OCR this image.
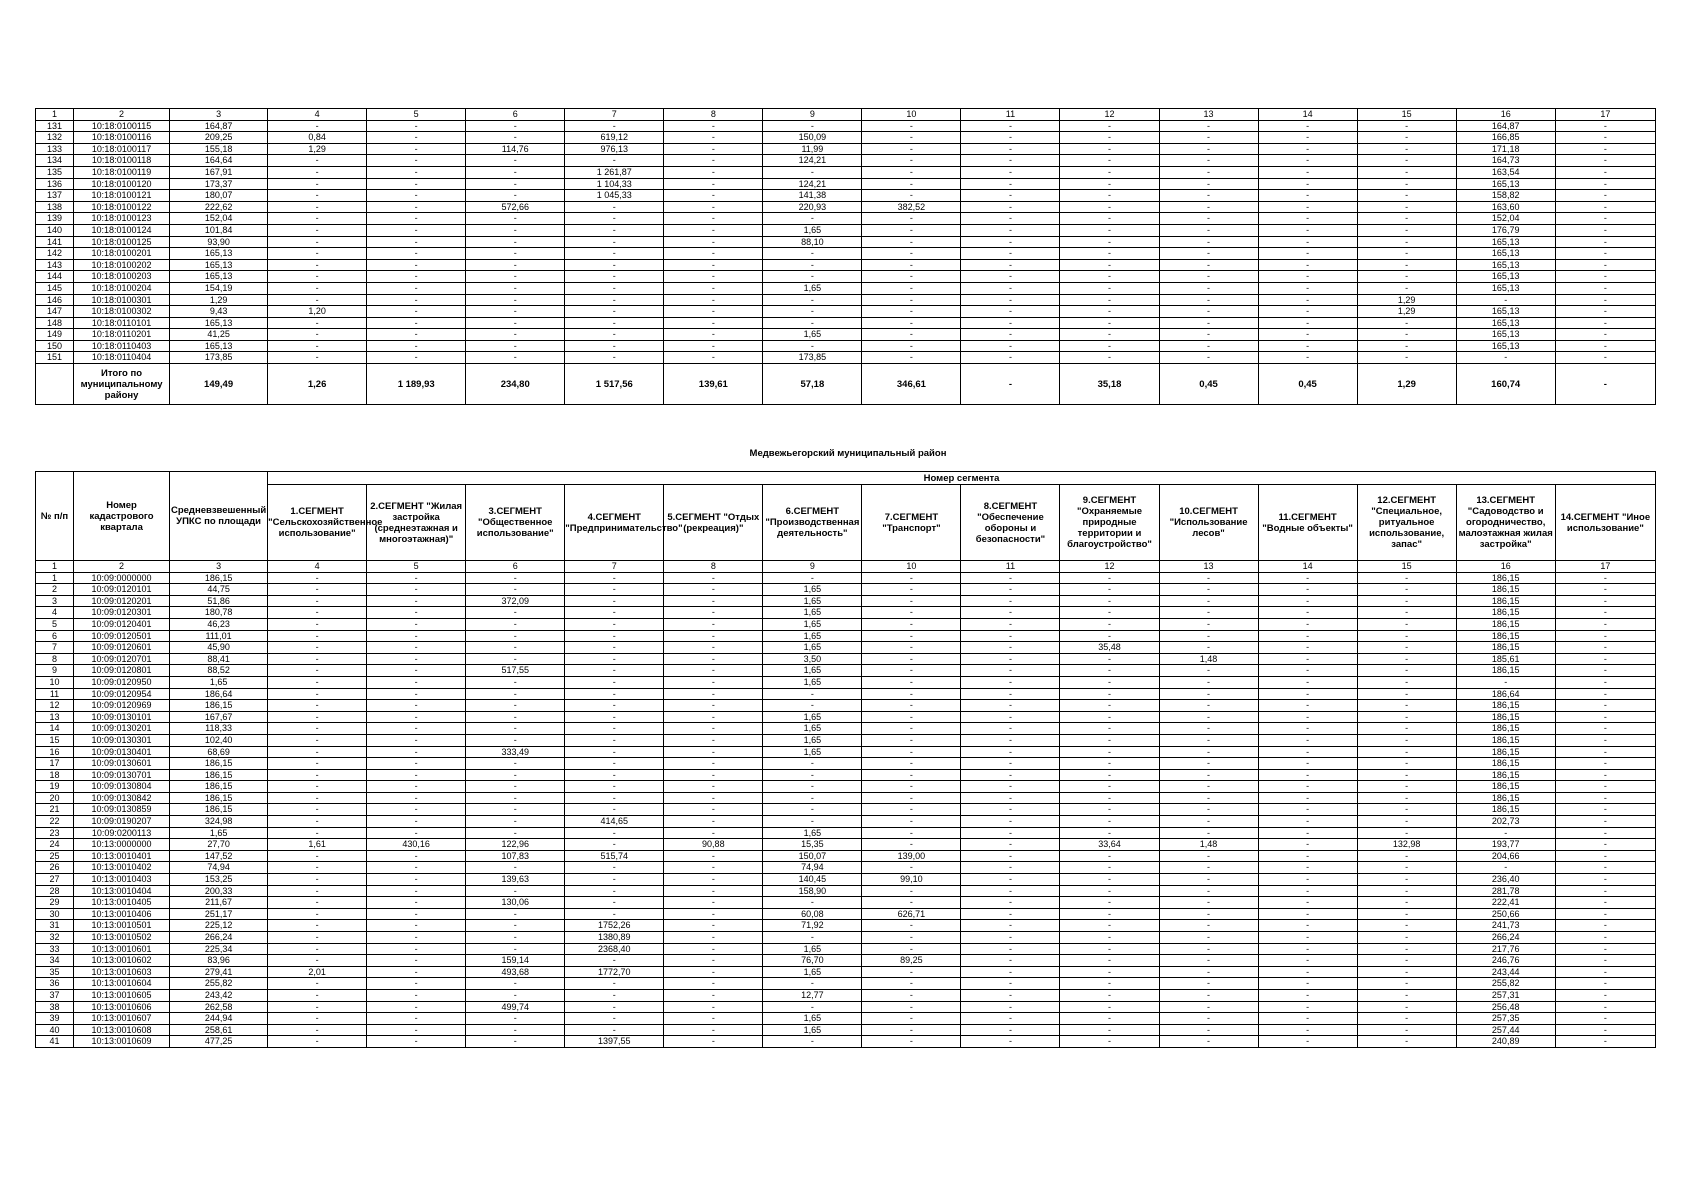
1	2	3	4	5	6	7	8	9	10	11	12	13	14	15	16	17
131	10:18:0100115	164,87	-	-	-	-	-	-	-	-	-	-	-	-	164,87	-
132	10:18:0100116	209,25	0,84	-	-	619,12	-	150,09	-	-	-	-	-	-	166,85	-
133	10:18:0100117	155,18	1,29	-	114,76	976,13	-	11,99	-	-	-	-	-	-	171,18	-
134	10:18:0100118	164,64	-	-	-	-	-	124,21	-	-	-	-	-	-	164,73	-
135	10:18:0100119	167,91	-	-	-	1 261,87	-	-	-	-	-	-	-	-	163,54	-
136	10:18:0100120	173,37	-	-	-	1 104,33	-	124,21	-	-	-	-	-	-	165,13	-
137	10:18:0100121	180,07	-	-	-	1 045,33	-	141,38	-	-	-	-	-	-	158,82	-
138	10:18:0100122	222,62	-	-	572,66	-	-	220,93	382,52	-	-	-	-	-	163,60	-
139	10:18:0100123	152,04	-	-	-	-	-	-	-	-	-	-	-	-	152,04	-
140	10:18:0100124	101,84	-	-	-	-	-	1,65	-	-	-	-	-	-	176,79	-
141	10:18:0100125	93,90	-	-	-	-	-	88,10	-	-	-	-	-	-	165,13	-
142	10:18:0100201	165,13	-	-	-	-	-	-	-	-	-	-	-	-	165,13	-
143	10:18:0100202	165,13	-	-	-	-	-	-	-	-	-	-	-	-	165,13	-
144	10:18:0100203	165,13	-	-	-	-	-	-	-	-	-	-	-	-	165,13	-
145	10:18:0100204	154,19	-	-	-	-	-	1,65	-	-	-	-	-	-	165,13	-
146	10:18:0100301	1,29	-	-	-	-	-	-	-	-	-	-	-	1,29	-	-
147	10:18:0100302	9,43	1,20	-	-	-	-	-	-	-	-	-	-	1,29	165,13	-
148	10:18:0110101	165,13	-	-	-	-	-	-	-	-	-	-	-	-	165,13	-
149	10:18:0110201	41,25	-	-	-	-	-	1,65	-	-	-	-	-	-	165,13	-
150	10:18:0110403	165,13	-	-	-	-	-	-	-	-	-	-	-	-	165,13	-
151	10:18:0110404	173,85	-	-	-	-	-	173,85	-	-	-	-	-	-	-	-
	Итого по муниципальному району	149,49	1,26	1 189,93	234,80	1 517,56	139,61	57,18	346,61	-	35,18	0,45	0,45	1,29	160,74	-
Медвежьегорский муниципальный район
№ п/п	Номер кадастрового квартала	Средневзвешенный УПКС по площади	Номер сегмента													
			1.СЕГМЕНТ "Сельскохозяйственное использование"	2.СЕГМЕНТ "Жилая застройка (среднеэтажная и многоэтажная)"	3.СЕГМЕНТ "Общественное использование"	4.СЕГМЕНТ "Предпринимательство"	5.СЕГМЕНТ "Отдых (рекреация)"	6.СЕГМЕНТ "Производственная деятельность"	7.СЕГМЕНТ "Транспорт"	8.СЕГМЕНТ "Обеспечение обороны и безопасности"	9.СЕГМЕНТ "Охраняемые природные территории и благоустройство"	10.СЕГМЕНТ "Использование лесов"	11.СЕГМЕНТ "Водные объекты"	12.СЕГМЕНТ "Специальное, ритуальное использование, запас"	13.СЕГМЕНТ "Садоводство и огородничество, малоэтажная жилая застройка"	14.СЕГМЕНТ "Иное использование"
1	2	3	4	5	6	7	8	9	10	11	12	13	14	15	16	17
1	10:09:0000000	186,15	-	-	-	-	-	-	-	-	-	-	-	-	186,15	-
2	10:09:0120101	44,75	-	-	-	-	-	1,65	-	-	-	-	-	-	186,15	-
3	10:09:0120201	51,86	-	-	372,09	-	-	1,65	-	-	-	-	-	-	186,15	-
4	10:09:0120301	180,78	-	-	-	-	-	1,65	-	-	-	-	-	-	186,15	-
5	10:09:0120401	46,23	-	-	-	-	-	1,65	-	-	-	-	-	-	186,15	-
6	10:09:0120501	111,01	-	-	-	-	-	1,65	-	-	-	-	-	-	186,15	-
7	10:09:0120601	45,90	-	-	-	-	-	1,65	-	-	35,48	-	-	-	186,15	-
8	10:09:0120701	88,41	-	-	-	-	-	3,50	-	-	-	1,48	-	-	185,61	-
9	10:09:0120801	88,52	-	-	517,55	-	-	1,65	-	-	-	-	-	-	186,15	-
10	10:09:0120950	1,65	-	-	-	-	-	1,65	-	-	-	-	-	-	-	-
11	10:09:0120954	186,64	-	-	-	-	-	-	-	-	-	-	-	-	186,64	-
12	10:09:0120969	186,15	-	-	-	-	-	-	-	-	-	-	-	-	186,15	-
13	10:09:0130101	167,67	-	-	-	-	-	1,65	-	-	-	-	-	-	186,15	-
14	10:09:0130201	118,33	-	-	-	-	-	1,65	-	-	-	-	-	-	186,15	-
15	10:09:0130301	102,40	-	-	-	-	-	1,65	-	-	-	-	-	-	186,15	-
16	10:09:0130401	68,69	-	-	333,49	-	-	1,65	-	-	-	-	-	-	186,15	-
17	10:09:0130601	186,15	-	-	-	-	-	-	-	-	-	-	-	-	186,15	-
18	10:09:0130701	186,15	-	-	-	-	-	-	-	-	-	-	-	-	186,15	-
19	10:09:0130804	186,15	-	-	-	-	-	-	-	-	-	-	-	-	186,15	-
20	10:09:0130842	186,15	-	-	-	-	-	-	-	-	-	-	-	-	186,15	-
21	10:09:0130859	186,15	-	-	-	-	-	-	-	-	-	-	-	-	186,15	-
22	10:09:0190207	324,98	-	-	-	414,65	-	-	-	-	-	-	-	-	202,73	-
23	10:09:0200113	1,65	-	-	-	-	-	1,65	-	-	-	-	-	-	-	-
24	10:13:0000000	27,70	1,61	430,16	122,96	-	90,88	15,35	-	-	33,64	1,48	-	132,98	193,77	-
25	10:13:0010401	147,52	-	-	107,83	515,74	-	150,07	139,00	-	-	-	-	-	204,66	-
26	10:13:0010402	74,94	-	-	-	-	-	74,94	-	-	-	-	-	-	-	-
27	10:13:0010403	153,25	-	-	139,63	-	-	140,45	99,10	-	-	-	-	-	236,40	-
28	10:13:0010404	200,33	-	-	-	-	-	158,90	-	-	-	-	-	-	281,78	-
29	10:13:0010405	211,67	-	-	130,06	-	-	-	-	-	-	-	-	-	222,41	-
30	10:13:0010406	251,17	-	-	-	-	-	60,08	626,71	-	-	-	-	-	250,66	-
31	10:13:0010501	225,12	-	-	-	1752,26	-	71,92	-	-	-	-	-	-	241,73	-
32	10:13:0010502	266,24	-	-	-	1380,89	-	-	-	-	-	-	-	-	266,24	-
33	10:13:0010601	225,34	-	-	-	2368,40	-	1,65	-	-	-	-	-	-	217,76	-
34	10:13:0010602	83,96	-	-	159,14	-	-	76,70	89,25	-	-	-	-	-	246,76	-
35	10:13:0010603	279,41	2,01	-	493,68	1772,70	-	1,65	-	-	-	-	-	-	243,44	-
36	10:13:0010604	255,82	-	-	-	-	-	-	-	-	-	-	-	-	255,82	-
37	10:13:0010605	243,42	-	-	-	-	-	12,77	-	-	-	-	-	-	257,31	-
38	10:13:0010606	262,58	-	-	499,74	-	-	-	-	-	-	-	-	-	256,48	-
39	10:13:0010607	244,94	-	-	-	-	-	1,65	-	-	-	-	-	-	257,35	-
40	10:13:0010608	258,61	-	-	-	-	-	1,65	-	-	-	-	-	-	257,44	-
41	10:13:0010609	477,25	-	-	-	1397,55	-	-	-	-	-	-	-	-	240,89	-
